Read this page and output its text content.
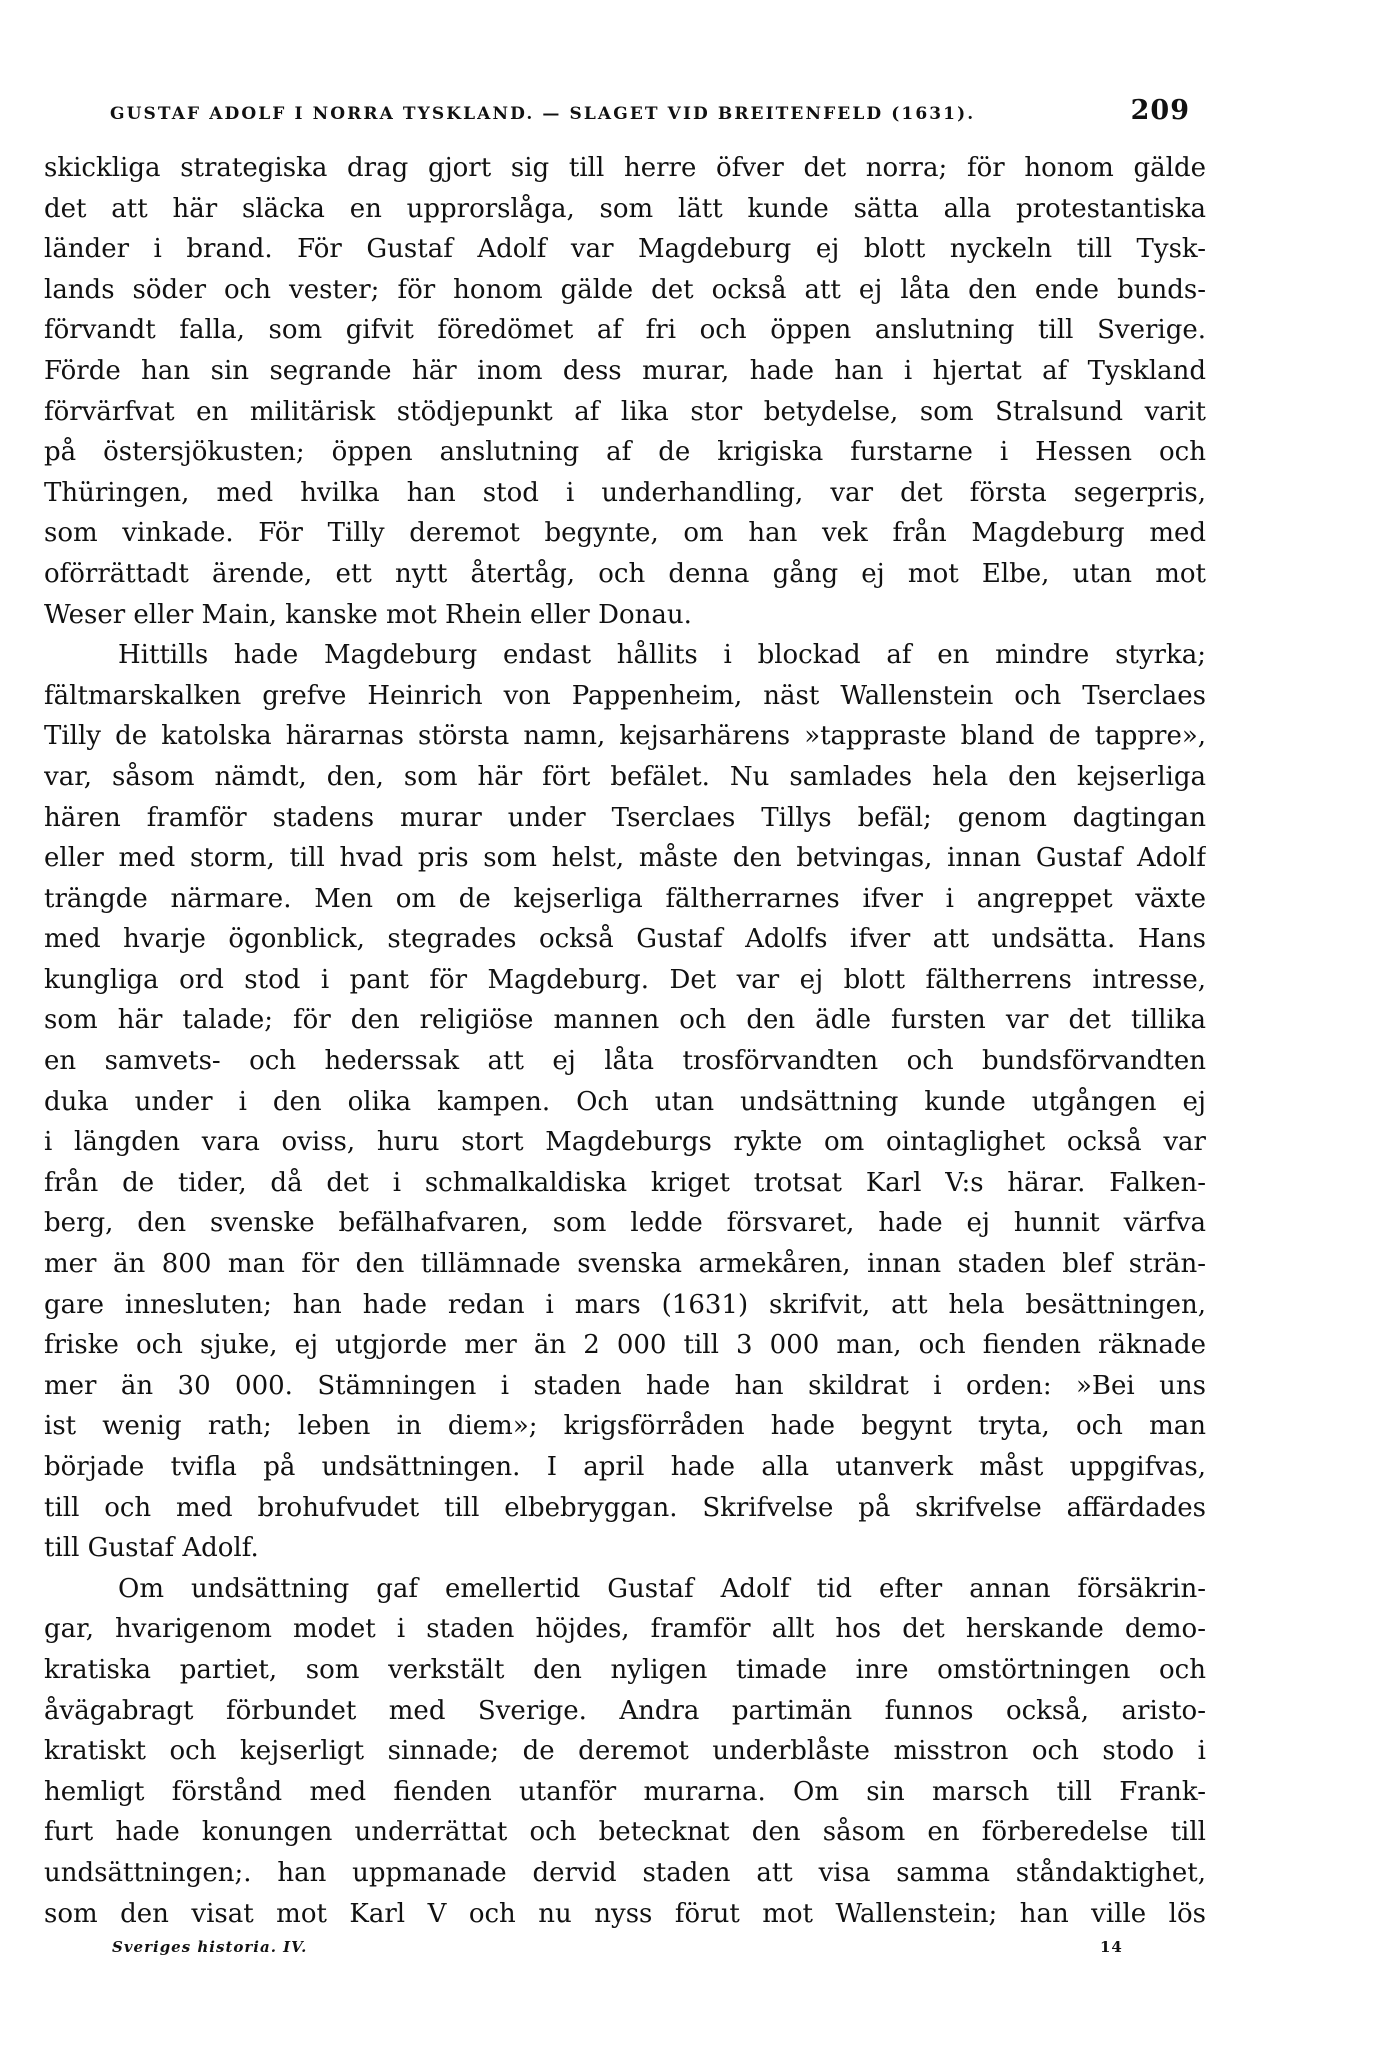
GUSTAF ADOLF I NORRA TYSKLAND. — SLAGET VID BREITENFELD (1631).	209
skickliga strategiska drag gjort sig till herre öfver det norra; för honom gälde
det att här släcka en upprorslåga, som lätt kunde sätta alla protestantiska
länder i brand. För Gustaf Adolf var Magdeburg ej blott nyckeln till Tysk-
lands söder och vester; för honom gälde det också att ej låta den ende bunds-
förvandt falla, som gifvit föredömet af fri och öppen anslutning till Sverige.
Förde han sin segrande här inom dess murar, hade han i hjertat af Tyskland
förvärfvat en militärisk stödjepunkt af lika stor betydelse, som Stralsund varit
på östersjökusten; öppen anslutning af de krigiska furstarne i Hessen och
Thüringen, med hvilka han stod i underhandling, var det första segerpris,
som vinkade. För Tilly deremot begynte, om han vek från Magdeburg med
oförrättadt ärende, ett nytt återtåg, och denna gång ej mot Elbe, utan mot
Weser eller Main, kanske mot Rhein eller Donau.
Hittills hade Magdeburg endast hållits i blockad af en mindre styrka;
fältmarskalken grefve Heinrich von Pappenheim, näst Wallenstein och Tserclaes
Tilly de katolska härarnas största namn, kejsarhärens »tappraste bland de tappre»,
var, såsom nämdt, den, som här fört befälet. Nu samlades hela den kejserliga
hären framför stadens murar under Tserclaes Tillys befäl; genom dagtingan
eller med storm, till hvad pris som helst, måste den betvingas, innan Gustaf Adolf
trängde närmare. Men om de kejserliga fältherrarnes ifver i angreppet växte
med hvarje ögonblick, stegrades också Gustaf Adolfs ifver att undsätta. Hans
kungliga ord stod i pant för Magdeburg. Det var ej blott fältherrens intresse,
som här talade; för den religiöse mannen och den ädle fursten var det tillika
en samvets- och hederssak att ej låta trosförvandten och bundsförvandten
duka under i den olika kampen. Och utan undsättning kunde utgången ej
i längden vara oviss, huru stort Magdeburgs rykte om ointaglighet också var
från de tider, då det i schmalkaldiska kriget trotsat Karl V:s härar. Falken-
berg, den svenske befälhafvaren, som ledde försvaret, hade ej hunnit värfva
mer än 800 man för den tillämnade svenska armekåren, innan staden blef strän-
gare innesluten; han hade redan i mars (1631) skrifvit, att hela besättningen,
friske och sjuke, ej utgjorde mer än 2 000 till 3 000 man, och fienden räknade
mer än 30 000. Stämningen i staden hade han skildrat i orden: »Bei uns
ist wenig rath; leben in diem»; krigsförråden hade begynt tryta, och man
började tvifla på undsättningen. I april hade alla utanverk måst uppgifvas,
till och med brohufvudet till elbebryggan. Skrifvelse på skrifvelse affärdades
till Gustaf Adolf.
Om undsättning gaf emellertid Gustaf Adolf tid efter annan försäkrin-
gar, hvarigenom modet i staden höjdes, framför allt hos det herskande demo-
kratiska partiet, som verkstält den nyligen timade inre omstörtningen och
åvägabragt förbundet med Sverige. Andra partimän funnos också, aristo-
kratiskt och kejserligt sinnade; de deremot underblåste misstron och stodo i
hemligt förstånd med fienden utanför murarna. Om sin marsch till Frank-
furt hade konungen underrättat och betecknat den såsom en förberedelse till
undsättningen;. han uppmanade dervid staden att visa samma ståndaktighet,
som den visat mot Karl V och nu nyss förut mot Wallenstein; han ville lös
Sveriges historia. IV.	14
